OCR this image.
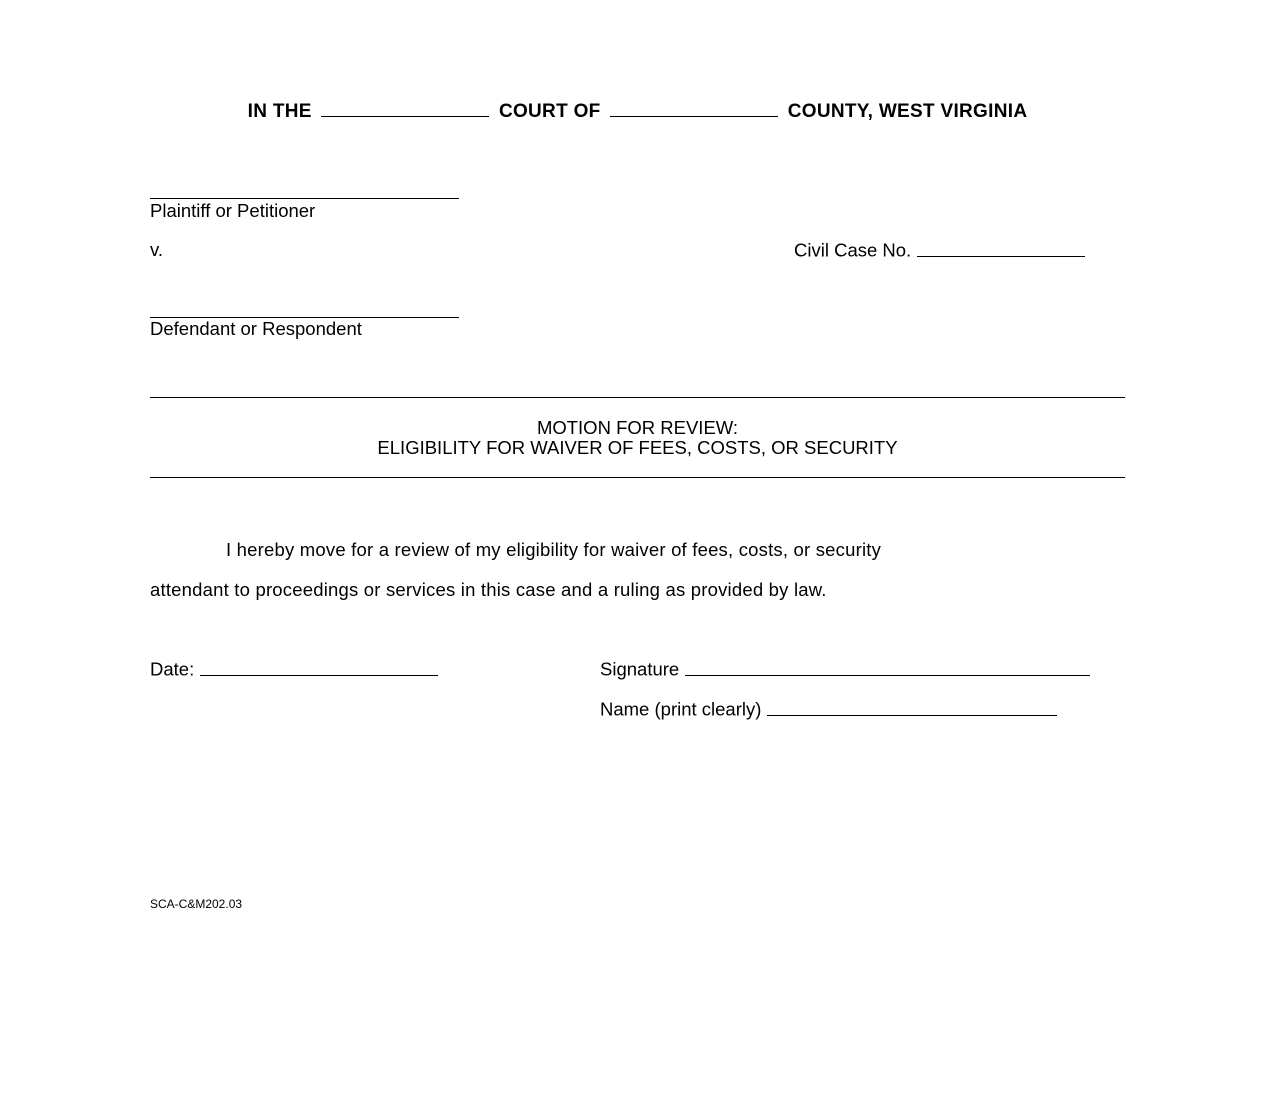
IN THE	COURT OF	COUNTY, WEST VIRGINIA
Plaintiff or Petitioner
v.	Civil Case No.
Defendant or Respondent
MOTION FOR REVIEW:
ELIGIBILITY FOR WAIVER OF FEES, COSTS, OR SECURITY
I hereby move for a review of my eligibility for waiver of fees, costs, or security
attendant to proceedings or services in this case and a ruling as provided by law.
Date:	Signature
Name (print clearly)
SCA-C&M202.03
